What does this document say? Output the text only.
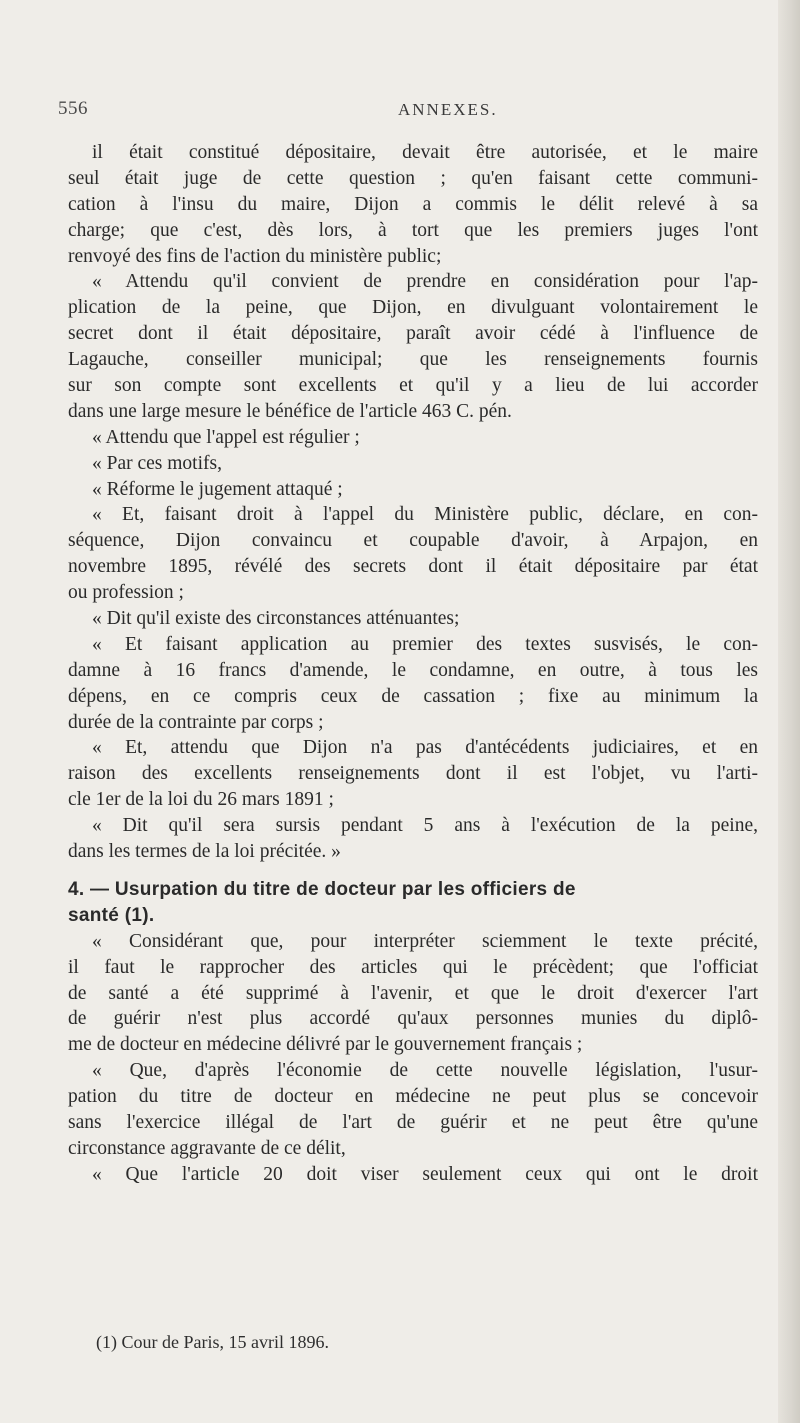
556	ANNEXES.
il était constitué dépositaire, devait être autorisée, et le maire
seul était juge de cette question ; qu'en faisant cette communi-
cation à l'insu du maire, Dijon a commis le délit relevé à sa
charge; que c'est, dès lors, à tort que les premiers juges l'ont
renvoyé des fins de l'action du ministère public;
« Attendu qu'il convient de prendre en considération pour l'ap-
plication de la peine, que Dijon, en divulguant volontairement le
secret dont il était dépositaire, paraît avoir cédé à l'influence de
Lagauche, conseiller municipal; que les renseignements fournis
sur son compte sont excellents et qu'il y a lieu de lui accorder
dans une large mesure le bénéfice de l'article 463 C. pén.
« Attendu que l'appel est régulier ;
« Par ces motifs,
« Réforme le jugement attaqué ;
« Et, faisant droit à l'appel du Ministère public, déclare, en con-
séquence, Dijon convaincu et coupable d'avoir, à Arpajon, en
novembre 1895, révélé des secrets dont il était dépositaire par état
ou profession ;
« Dit qu'il existe des circonstances atténuantes;
« Et faisant application au premier des textes susvisés, le con-
damne à 16 francs d'amende, le condamne, en outre, à tous les
dépens, en ce compris ceux de cassation ; fixe au minimum la
durée de la contrainte par corps ;
« Et, attendu que Dijon n'a pas d'antécédents judiciaires, et en
raison des excellents renseignements dont il est l'objet, vu l'arti-
cle 1er de la loi du 26 mars 1891 ;
« Dit qu'il sera sursis pendant 5 ans à l'exécution de la peine,
dans les termes de la loi précitée. »
4. — Usurpation du titre de docteur par les officiers de
santé (1).
« Considérant que, pour interpréter sciemment le texte précité,
il faut le rapprocher des articles qui le précèdent; que l'officiat
de santé a été supprimé à l'avenir, et que le droit d'exercer l'art
de guérir n'est plus accordé qu'aux personnes munies du diplô-
me de docteur en médecine délivré par le gouvernement français ;
« Que, d'après l'économie de cette nouvelle législation, l'usur-
pation du titre de docteur en médecine ne peut plus se concevoir
sans l'exercice illégal de l'art de guérir et ne peut être qu'une
circonstance aggravante de ce délit,
« Que l'article 20 doit viser seulement ceux qui ont le droit
(1) Cour de Paris, 15 avril 1896.
